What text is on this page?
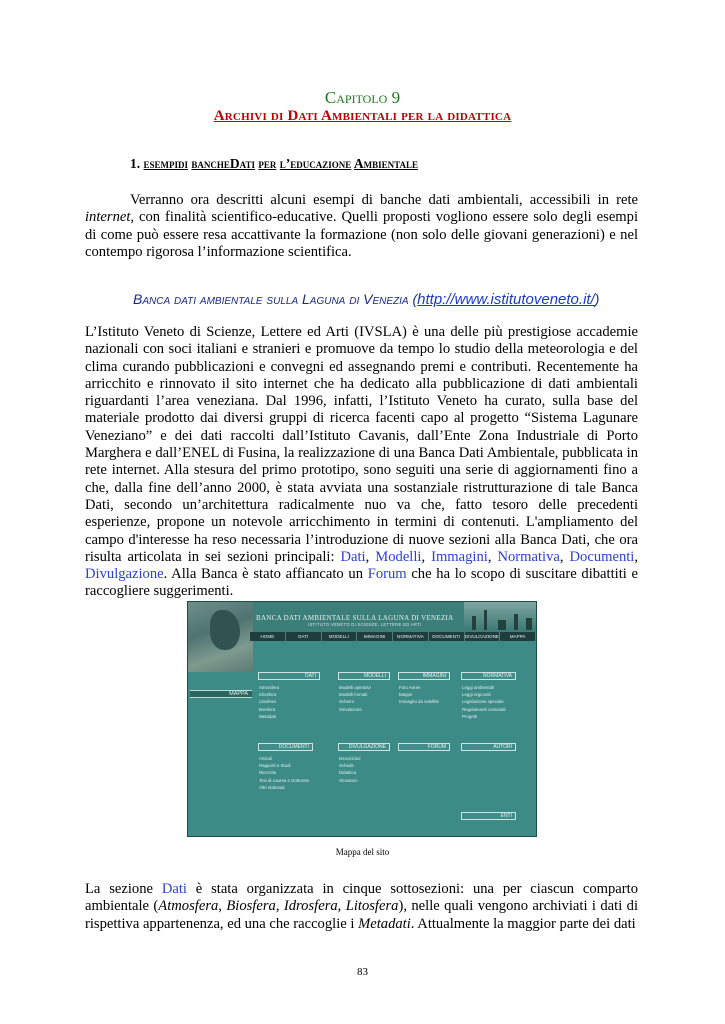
Capitolo 9
Archivi di Dati Ambientali per la didattica
1. esempidi bancheDati per l’educazione Ambientale
Verranno ora descritti alcuni esempi di banche dati ambientali, accessibili in rete internet, con finalità scientifico-educative. Quelli proposti vogliono essere solo degli esempi di come può essere resa accattivante la formazione (non solo delle giovani generazioni) e nel contempo rigorosa l’informazione scientifica.
Banca dati ambientale sulla Laguna di Venezia (http://www.istitutoveneto.it/)
L’Istituto Veneto di Scienze, Lettere ed Arti (IVSLA) è una delle più prestigiose accademie nazionali con soci italiani e stranieri e promuove da tempo lo studio della meteorologia e del clima curando pubblicazioni e convegni ed assegnando premi e contributi. Recentemente ha arricchito e rinnovato il sito internet che ha dedicato alla pubblicazione di dati ambientali riguardanti l’area veneziana. Dal 1996, infatti, l’Istituto Veneto ha curato, sulla base del materiale prodotto dai diversi gruppi di ricerca facenti capo al progetto “Sistema Lagunare Veneziano” e dei dati raccolti dall’Istituto Cavanis, dall’Ente Zona Industriale di Porto Marghera e dall’ENEL di Fusina, la realizzazione di una Banca Dati Ambientale, pubblicata in rete internet. Alla stesura del primo prototipo, sono seguiti una serie di aggiornamenti fino a che, dalla fine dell’anno 2000, è stata avviata una sostanziale ristrutturazione di tale Banca Dati, secondo un’architettura radicalmente nuo va che, fatto tesoro delle precedenti esperienze, propone un notevole arricchimento in termini di contenuti. L'ampliamento del campo d'interesse ha reso necessaria l’introduzione di nuove sezioni alla Banca Dati, che ora risulta articolata in sei sezioni principali: Dati, Modelli, Immagini, Normativa, Documenti, Divulgazione. Alla Banca è stato affiancato un Forum che ha lo scopo di suscitare dibattiti e raccogliere suggerimenti.
BANCA DATI AMBIENTALE SULLA LAGUNA DI VENEZIA
ISTITUTO VENETO DI SCIENZE, LETTERE ED ARTI
HOME	DATI	MODELLI	IMMAGINI	NORMATIVA	DOCUMENTI	DIVULGAZIONE	MAPPA
MAPPA
DATI	MODELLI	IMMAGINI	NORMATIVA
Atmosfera
Idrosfera
Litosfera
Biosfera
Metadati
Modelli operativi
Modelli formali
Schemi
Simulazioni
Foto Aeree
Mappe
Immagini da satellite
Leggi ambientali
Leggi regionali
Legislazione speciale
Regolamenti comunali
Progetti
DOCUMENTI	DIVULGAZIONE	FORUM	AUTORI
Articoli
Rapporti e Studi
Ricerche
Tesi di Laurea e Dottorato
Altri elaborati
Descrizioni
Schede
Didattica
Glossario
ENTI
Mappa del sito
La sezione Dati è stata organizzata in cinque sottosezioni: una per ciascun comparto ambientale (Atmosfera, Biosfera, Idrosfera, Litosfera), nelle quali vengono archiviati i dati di rispettiva appartenenza, ed una che raccoglie i Metadati. Attualmente la maggior parte dei dati
83
